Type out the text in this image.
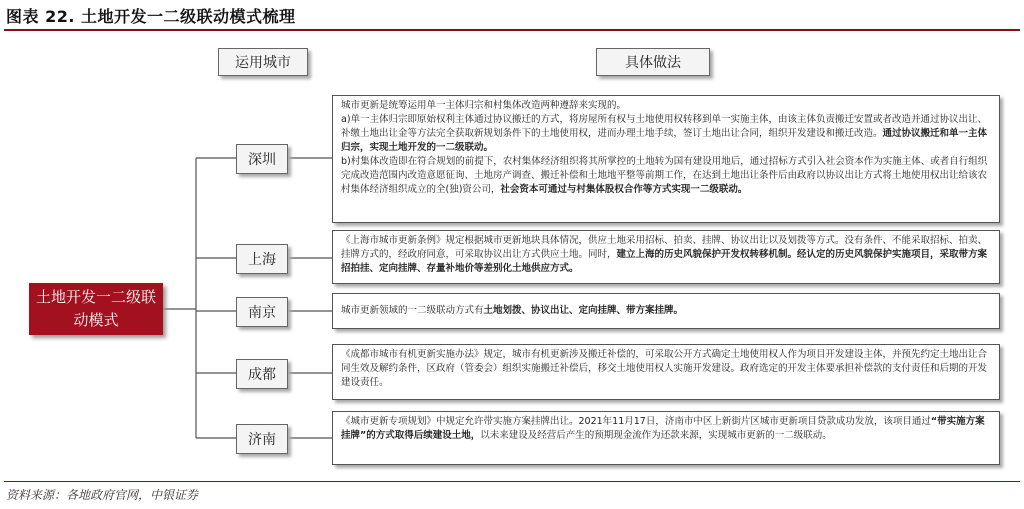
图表 22. 土地开发一二级联动模式梳理
运用城市	具体做法
土地开发一二级联动模式
深圳
上海
南京
成都
济南

城市更新是统筹运用单一主体归宗和村集体改造两种遵辞来实现的。

a)单一主体归宗即原始权利主体通过协议搬迁的方式，将房屋所有权与土地使用权转移到单一实施主体，由该主体负责搬迁安置或者改造并通过协议出让、补缴土地出让金等方法完全获取新规划条件下的土地使用权，进而办理土地手续，签订土地出让合同，组织开发建设和搬迁改造。通过协议搬迁和单一主体归宗，实现土地开发的一二级联动。

b)村集体改造即在符合规划的前提下，农村集体经济组织将其所掌控的土地转为国有建设用地后，通过招标方式引入社会资本作为实施主体、或者自行组织完成改造范围内改造意愿征询、土地房产调查、搬迁补偿和土地地平整等前期工作，在达到土地出让条件后由政府以协议出让方式将土地使用权出让给该农村集体经济组织成立的全(独)资公司，社会资本可通过与村集体股权合作等方式实现一二级联动。

《上海市城市更新条例》规定根据城市更新地块具体情况，供应土地采用招标、拍卖、挂牌、协议出让以及划拨等方式。没有条件、不能采取招标、拍卖、挂牌方式的，经政府同意，可采取协议出让方式供应土地。同时，建立上海的历史风貌保护开发权转移机制。经认定的历史风貌保护实施项目，采取带方案招拍挂、定向挂牌、存量补地价等差别化土地供应方式。

城市更新领域的一二级联动方式有土地划拨、协议出让、定向挂牌、带方案挂牌。

《成都市城市有机更新实施办法》规定，城市有机更新涉及搬迁补偿的，可采取公开方式确定土地使用权人作为项目开发建设主体，并预先约定土地出让合同生效及解约条件，区政府（管委会）组织实施搬迁补偿后，移交土地使用权人实施开发建设。政府选定的开发主体要承担补偿款的支付责任和后期的开发建设责任。

《城市更新专项规划》中规定允许带实施方案挂牌出让。2021年11月17日，济南市中区上新街片区城市更新项目贷款成功发放，该项目通过“带实施方案挂牌”的方式取得后续建设土地，以未来建设及经营后产生的预期现金流作为还款来源，实现城市更新的一二级联动。

资料来源：各地政府官网，中银证券
